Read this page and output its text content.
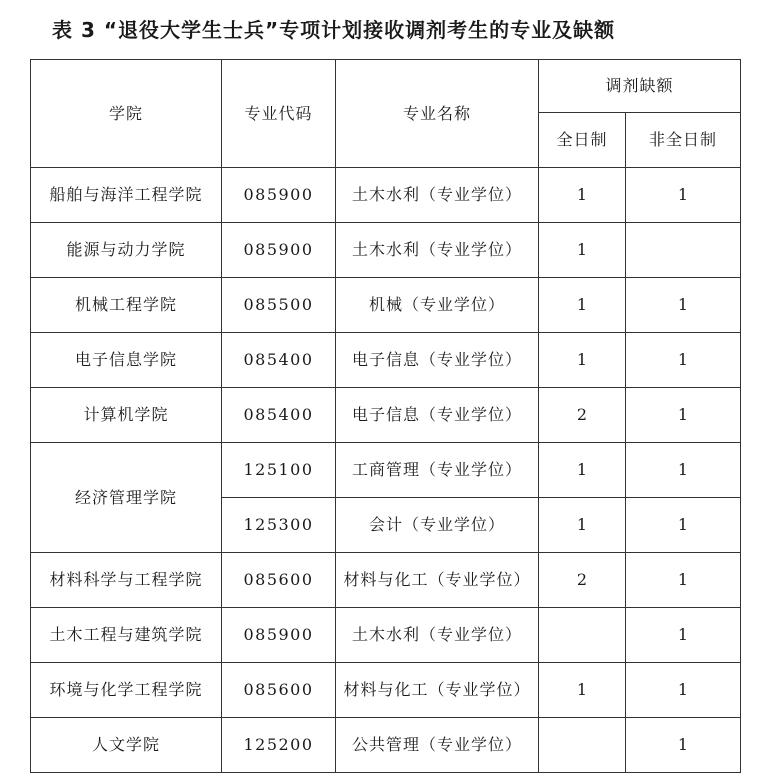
表 3 “退役大学生士兵”专项计划接收调剂考生的专业及缺额
学院	专业代码	专业名称	调剂缺额	
			全日制	非全日制
船舶与海洋工程学院	085900	土木水利（专业学位）	1	1
能源与动力学院	085900	土木水利（专业学位）	1	
机械工程学院	085500	机械（专业学位）	1	1
电子信息学院	085400	电子信息（专业学位）	1	1
计算机学院	085400	电子信息（专业学位）	2	1
经济管理学院	125100	工商管理（专业学位）	1	1
	125300	会计（专业学位）	1	1
材料科学与工程学院	085600	材料与化工（专业学位）	2	1
土木工程与建筑学院	085900	土木水利（专业学位）		1
环境与化学工程学院	085600	材料与化工（专业学位）	1	1
人文学院	125200	公共管理（专业学位）		1
